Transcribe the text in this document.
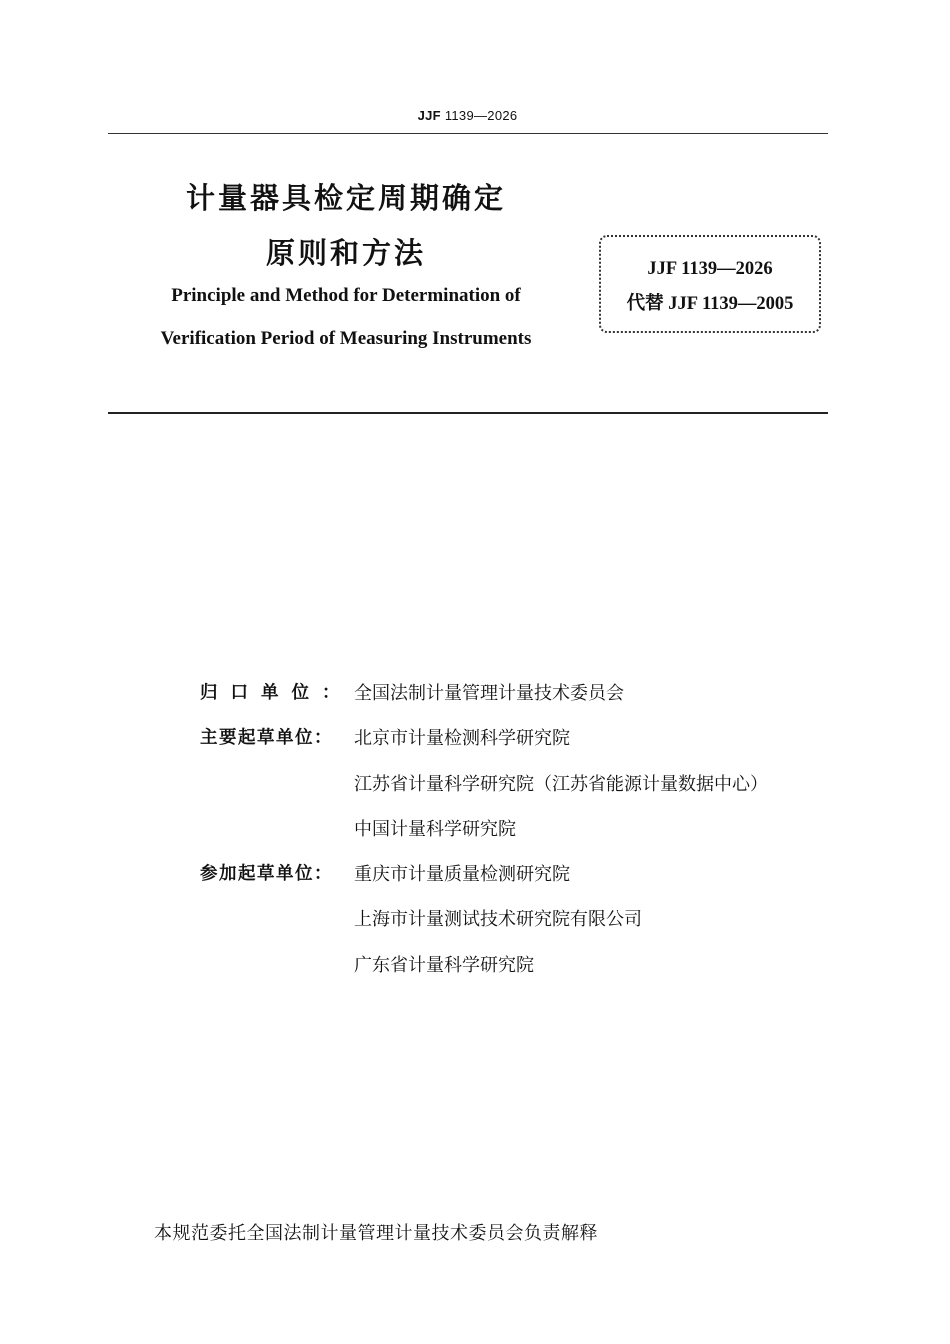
JJF 1139—2026
计量器具检定周期确定
原则和方法
Principle and Method for Determination of
Verification Period of Measuring Instruments
JJF 1139—2026
代替 JJF 1139—2005
归口单位： 全国法制计量管理计量技术委员会
主要起草单位： 北京市计量检测科学研究院
江苏省计量科学研究院（江苏省能源计量数据中心）
中国计量科学研究院
参加起草单位： 重庆市计量质量检测研究院
上海市计量测试技术研究院有限公司
广东省计量科学研究院
本规范委托全国法制计量管理计量技术委员会负责解释
